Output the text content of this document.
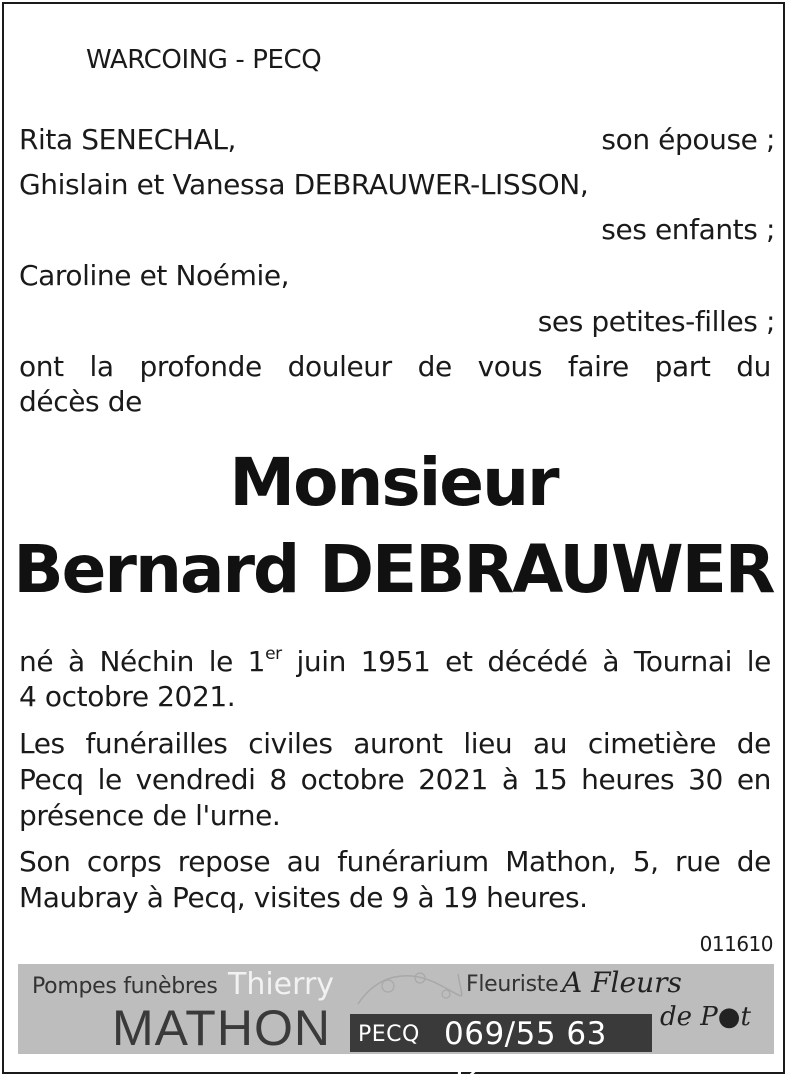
WARCOING - PECQ
Rita SENECHAL,	son épouse ;
Ghislain et Vanessa DEBRAUWER-LISSON,
ses enfants ;
Caroline et Noémie,
ses petites-filles ;
ont la profonde douleur de vous faire part du
décès de
Monsieur
Bernard DEBRAUWER
né à Néchin le 1er juin 1951 et décédé à Tournai le
4 octobre 2021.
Les funérailles civiles auront lieu au cimetière de
Pecq le vendredi 8 octobre 2021 à 15 heures 30 en
présence de l'urne.
Son corps repose au funérarium Mathon, 5, rue de
Maubray à Pecq, visites de 9 à 19 heures.
011610
Pompes funèbres Thierry
MATHON PECQ 069/55 63 52
Fleuriste A Fleurs
de P●t
